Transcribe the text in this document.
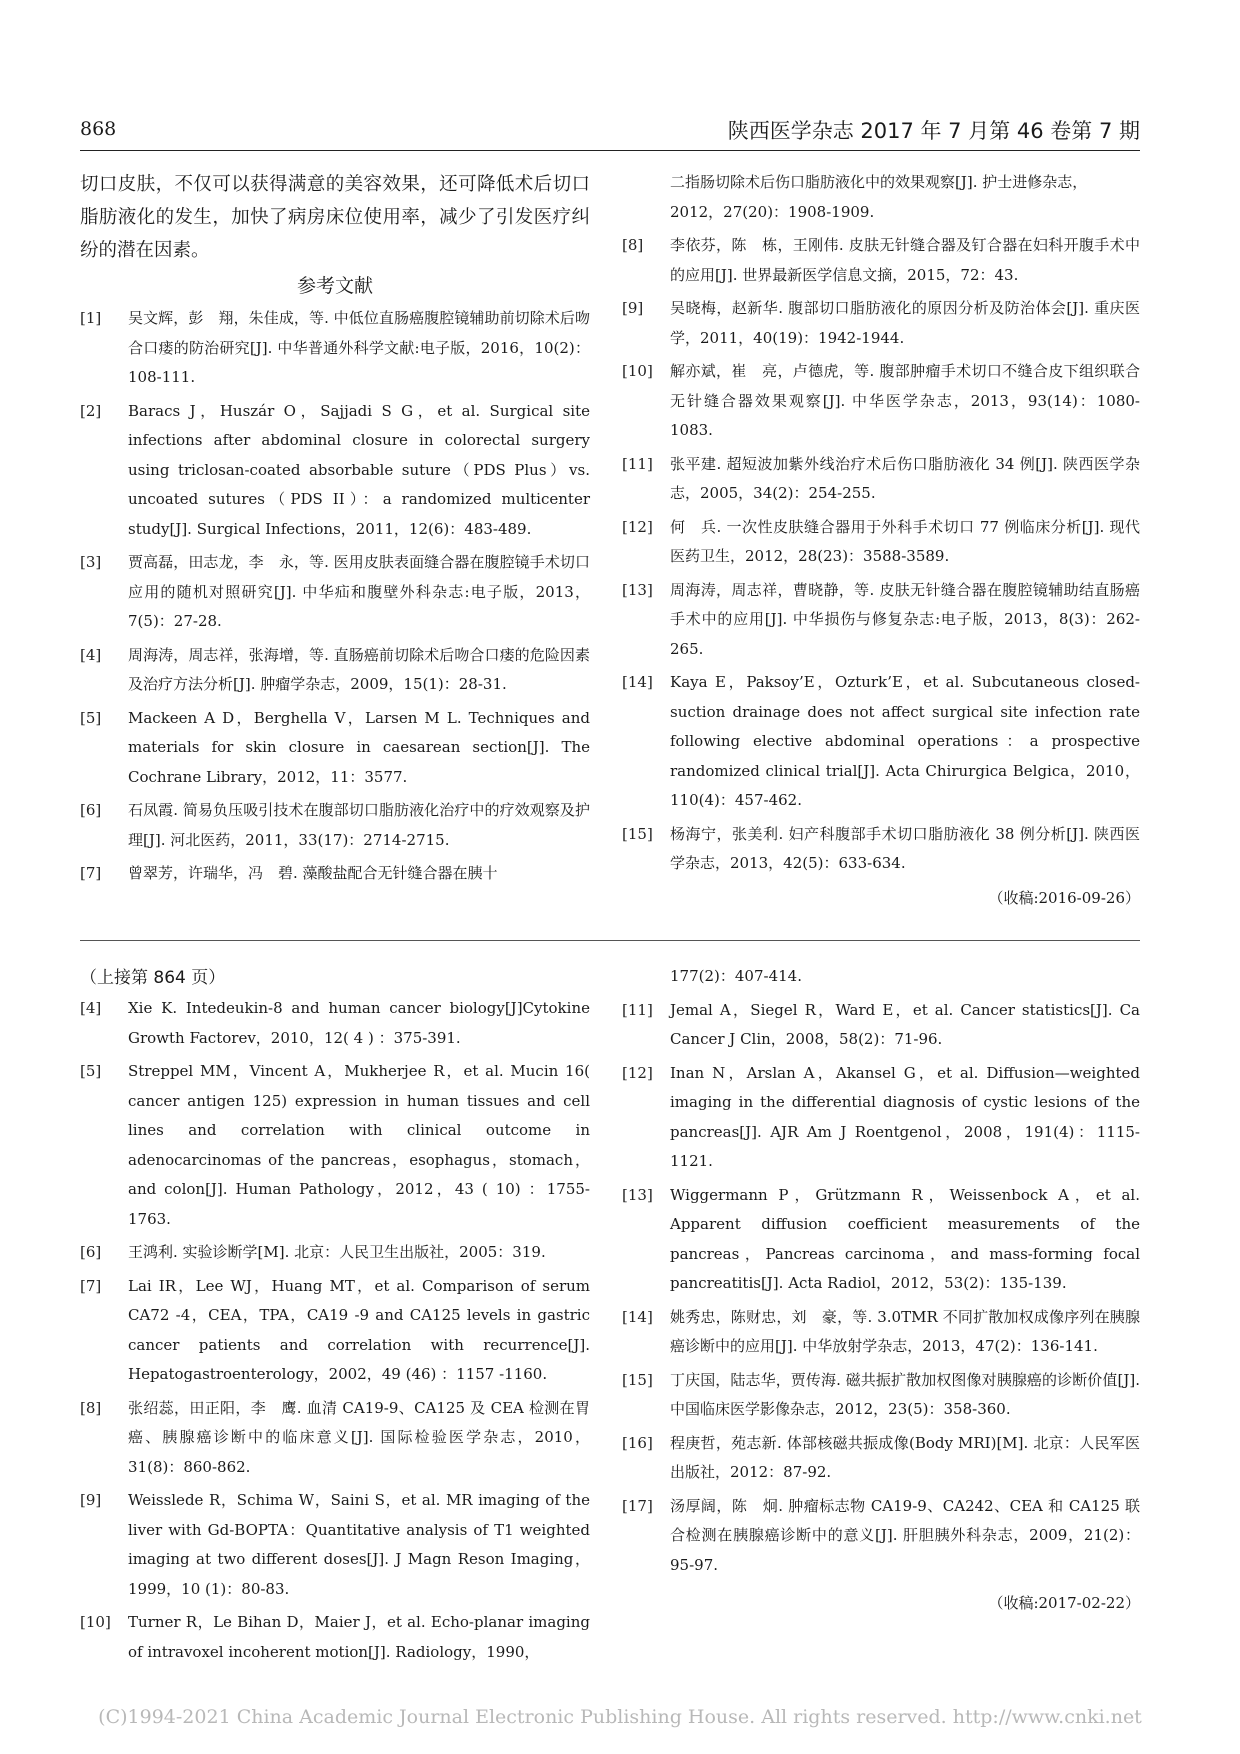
868	陕西医学杂志 2017 年 7 月第 46 卷第 7 期

切口皮肤，不仅可以获得满意的美容效果，还可降低术后切口脂肪液化的发生，加快了病房床位使用率，减少了引发医疗纠纷的潜在因素。

参考文献
[1]	吴文辉，彭　翔，朱佳成，等. 中低位直肠癌腹腔镜辅助前切除术后吻合口瘘的防治研究[J]. 中华普通外科学文献:电子版，2016，10(2)：108-111.
[2]	Baracs J，Huszár O，Sajjadi S G，et al. Surgical site infections after abdominal closure in colorectal surgery using triclosan-coated absorbable suture（PDS Plus）vs. uncoated sutures（PDS II）：a randomized multicenter study[J]. Surgical Infections，2011，12(6)：483-489.
[3]	贾高磊，田志龙，李　永，等. 医用皮肤表面缝合器在腹腔镜手术切口应用的随机对照研究[J]. 中华疝和腹壁外科杂志:电子版，2013，7(5)：27-28.
[4]	周海涛，周志祥，张海增，等. 直肠癌前切除术后吻合口瘘的危险因素及治疗方法分析[J]. 肿瘤学杂志，2009，15(1)：28-31.
[5]	Mackeen A D，Berghella V，Larsen M L. Techniques and materials for skin closure in caesarean section[J]. The Cochrane Library，2012，11：3577.
[6]	石凤霞. 简易负压吸引技术在腹部切口脂肪液化治疗中的疗效观察及护理[J]. 河北医药，2011，33(17)：2714-2715.
[7]	曾翠芳，许瑞华，冯　碧. 藻酸盐配合无针缝合器在胰十
二指肠切除术后伤口脂肪液化中的效果观察[J]. 护士进修杂志，2012，27(20)：1908-1909.
[8]	李依芬，陈　栋，王刚伟. 皮肤无针缝合器及钉合器在妇科开腹手术中的应用[J]. 世界最新医学信息文摘，2015，72：43.
[9]	吴晓梅，赵新华. 腹部切口脂肪液化的原因分析及防治体会[J]. 重庆医学，2011，40(19)：1942-1944.
[10]	解亦斌，崔　亮，卢德虎，等. 腹部肿瘤手术切口不缝合皮下组织联合无针缝合器效果观察[J]. 中华医学杂志，2013，93(14)：1080-1083.
[11]	张平建. 超短波加紫外线治疗术后伤口脂肪液化 34 例[J]. 陕西医学杂志，2005，34(2)：254-255.
[12]	何　兵. 一次性皮肤缝合器用于外科手术切口 77 例临床分析[J]. 现代医药卫生，2012，28(23)：3588-3589.
[13]	周海涛，周志祥，曹晓静，等. 皮肤无针缝合器在腹腔镜辅助结直肠癌手术中的应用[J]. 中华损伤与修复杂志:电子版，2013，8(3)：262-265.
[14]	Kaya E，Paksoy’E，Ozturk’E，et al. Subcutaneous closed-suction drainage does not affect surgical site infection rate following elective abdominal operations：a prospective randomized clinical trial[J]. Acta Chirurgica Belgica，2010，110(4)：457-462.
[15]	杨海宁，张美利. 妇产科腹部手术切口脂肪液化 38 例分析[J]. 陕西医学杂志，2013，42(5)：633-634.
（收稿:2016-09-26）
（上接第 864 页）
[4]	Xie K. Intedeukin-8 and human cancer biology[J]Cytokine Growth Factorev，2010，12( 4 ) ：375-391.
[5]	Streppel MM，Vincent A，Mukherjee R，et al. Mucin 16( cancer antigen 125) expression in human tissues and cell lines and correlation with clinical outcome in adenocarcinomas of the pancreas，esophagus，stomach，and colon[J]. Human Pathology，2012，43 ( 10) ：1755-1763.
[6]	王鸿利. 实验诊断学[M]. 北京：人民卫生出版社，2005：319.
[7]	Lai IR，Lee WJ，Huang MT，et al. Comparison of serum CA72 -4，CEA，TPA，CA19 -9 and CA125 levels in gastric cancer patients and correlation with recurrence[J]. Hepatogastroenterology，2002，49 (46) ：1157 -1160.
[8]	张绍蕊，田正阳，李　鹰. 血清 CA19-9、CA125 及 CEA 检测在胃癌、胰腺癌诊断中的临床意义[J]. 国际检验医学杂志，2010，31(8)：860-862.
[9]	Weisslede R，Schima W，Saini S，et al. MR imaging of the liver with Gd-BOPTA：Quantitative analysis of T1 weighted imaging at two different doses[J]. J Magn Reson Imaging，1999，10 (1)：80-83.
[10]	Turner R，Le Bihan D，Maier J，et al. Echo-planar imaging of intravoxel incoherent motion[J]. Radiology，1990，
177(2)：407-414.
[11]	Jemal A，Siegel R，Ward E，et al. Cancer statistics[J]. Ca Cancer J Clin，2008，58(2)：71-96.
[12]	Inan N，Arslan A，Akansel G，et al. Diffusion—weighted imaging in the differential diagnosis of cystic lesions of the pancreas[J]. AJR Am J Roentgenol，2008，191(4)：1115-1121.
[13]	Wiggermann P，Grützmann R，Weissenbock A，et al. Apparent diffusion coefficient measurements of the pancreas，Pancreas carcinoma，and mass-forming focal pancreatitis[J]. Acta Radiol，2012，53(2)：135-139.
[14]	姚秀忠，陈财忠，刘　豪，等. 3.0TMR 不同扩散加权成像序列在胰腺癌诊断中的应用[J]. 中华放射学杂志，2013，47(2)：136-141.
[15]	丁庆国，陆志华，贾传海. 磁共振扩散加权图像对胰腺癌的诊断价值[J]. 中国临床医学影像杂志，2012，23(5)：358-360.
[16]	程庚哲，苑志新. 体部核磁共振成像(Body MRI)[M]. 北京：人民军医出版社，2012：87-92.
[17]	汤厚阔，陈　炯. 肿瘤标志物 CA19-9、CA242、CEA 和 CA125 联合检测在胰腺癌诊断中的意义[J]. 肝胆胰外科杂志，2009，21(2)：95-97.
（收稿:2017-02-22）
(C)1994-2021 China Academic Journal Electronic Publishing House. All rights reserved. http://www.cnki.net
